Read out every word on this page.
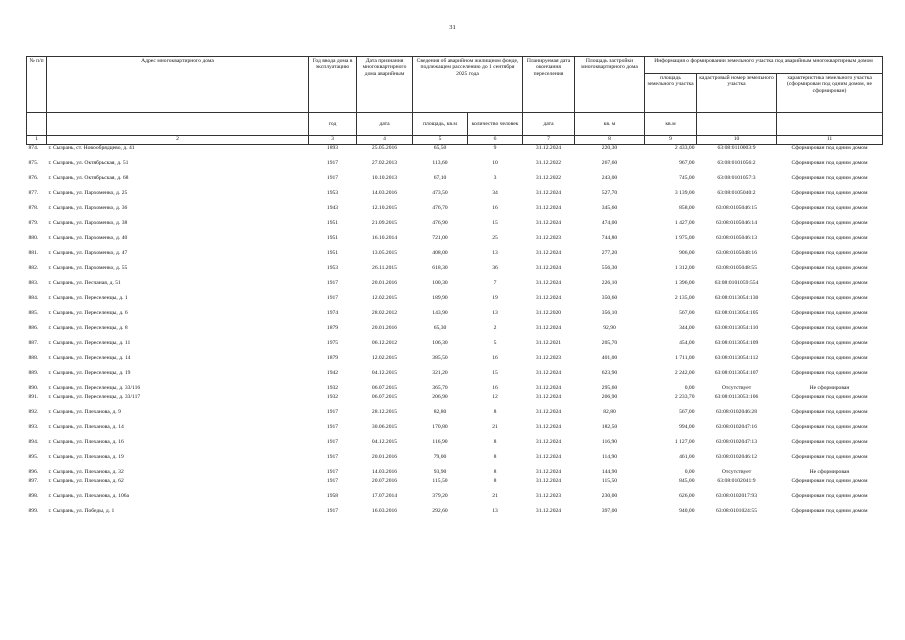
31
№ п/п	Адрес многоквартирного дома	Год ввода дома в эксплуатацию	Дата признания многоквартирного дома аварийным	Сведения об аварийном жилищном фонде, подлежащем расселению до 1 сентября 2025 года		Планируемая дата окончания переселения	Площадь застройки многоквартирного дома	Информация о формировании земельного участка под аварийным многоквартирным домом		
								площадь земельного участка	кадастровый номер земельного участка	характеристика земельного участка (сформирован под одним домом, не сформирован)
		год	дата	площадь, кв.м	количество человек	дата	кв. м	кв.м		
1	2	3	4	5	6	7	8	9	10	11
874.	г. Сызрань, ст. Новообрядцево, д. 41	1893	25.05.2016	65,50	9	31.12.2024	220,30	2 433,00	63:08:0110003:9	Сформирован под одним домом
875.	г. Сызрань, ул. Октябрьская, д. 51	1917	27.02.2013	113,60	10	31.12.2022	267,60	967,00	63:08:0101056:2	Сформирован под одним домом
876.	г. Сызрань, ул. Октябрьская, д. 68	1917	10.10.2013	67,10	3	31.12.2022	243,00	745,00	63:08:0101057:3	Сформирован под одним домом
877.	г. Сызрань, ул. Пархоменко, д. 25	1953	14.03.2016	473,50	34	31.12.2024	527,70	3 139,00	63:08:0105040:2	Сформирован под одним домом
878.	г. Сызрань, ул. Пархоменко, д. 36	1943	12.10.2015	476,70	16	31.12.2024	345,60	858,00	63:08:0105046:15	Сформирован под одним домом
879.	г. Сызрань, ул. Пархоменко, д. 38	1951	21.09.2015	476,90	15	31.12.2024	474,00	1 427,00	63:08:0105046:14	Сформирован под одним домом
880.	г. Сызрань, ул. Пархоменко, д. 40	1951	16.10.2014	721,00	25	31.12.2023	744,80	1 975,00	63:08:0105046:13	Сформирован под одним домом
881.	г. Сызрань, ул. Пархоменко, д. 47	1951	13.05.2015	408,00	13	31.12.2024	277,20	906,00	63:08:0105048:16	Сформирован под одним домом
882.	г. Сызрань, ул. Пархоменко, д. 55	1953	26.11.2015	618,30	36	31.12.2024	556,30	1 312,00	63:08:0105048:55	Сформирован под одним домом
883.	г. Сызрань, ул. Песчаная, д. 51	1917	20.01.2016	100,30	7	31.12.2024	226,10	1 396,00	63:08:0101059:554	Сформирован под одним домом
884.	г. Сызрань, ул. Переселенцы, д. 1	1917	12.02.2015	189,90	19	31.12.2024	350,60	2 135,00	63:08:0113054:130	Сформирован под одним домом
885.	г. Сызрань, ул. Переселенцы, д. 6	1974	28.02.2012	143,90	13	31.12.2020	356,10	567,00	63:08:0113054:105	Сформирован под одним домом
886.	г. Сызрань, ул. Переселенцы, д. 8	1879	20.01.2016	65,30	2	31.12.2024	92,90	344,00	63:08:0113054:110	Сформирован под одним домом
887.	г. Сызрань, ул. Переселенцы, д. 11	1975	06.12.2012	106,30	5	31.12.2021	205,70	454,00	63:08:0113054:109	Сформирован под одним домом
888.	г. Сызрань, ул. Переселенцы, д. 14	1879	12.02.2015	385,50	16	31.12.2023	401,00	1 711,00	63:08:0113054:112	Сформирован под одним домом
889.	г. Сызрань, ул. Переселенцы, д. 19	1942	04.12.2015	321,20	15	31.12.2024	623,90	2 242,00	63:08:0113054:107	Сформирован под одним домом
890.	г. Сызрань, ул. Переселенцы, д. 33/116	1932	06.07.2015	365,70	16	31.12.2024	295,60	0,00	Отсутствует	Не сформирован
891.	г. Сызрань, ул. Переселенцы, д. 33/117	1932	06.07.2015	206,90	12	31.12.2024	206,90	2 233,70	63:08:0113053:106	Сформирован под одним домом
892.	г. Сызрань, ул. Плеханова, д. 9	1917	28.12.2015	82,80	8	31.12.2024	82,80	567,00	63:08:0102046:28	Сформирован под одним домом
893.	г. Сызрань, ул. Плеханова, д. 14	1917	30.06.2015	170,80	21	31.12.2024	182,50	994,00	63:08:0102047:16	Сформирован под одним домом
894.	г. Сызрань, ул. Плеханова, д. 16	1917	04.12.2015	116,90	8	31.12.2024	116,90	1 127,00	63:08:0102047:13	Сформирован под одним домом
895.	г. Сызрань, ул. Плеханова, д. 19	1917	20.01.2016	79,00	8	31.12.2024	114,90	461,00	63:08:0102046:12	Сформирован под одним домом
896.	г. Сызрань, ул. Плеханова, д. 32	1917	14.03.2016	93,90	8	31.12.2024	144,90	0,00	Отсутствует	Не сформирован
897.	г. Сызрань, ул. Плеханова, д. 62	1917	20.07.2016	115,50	8	31.12.2024	115,50	845,00	63:08:0102041:9	Сформирован под одним домом
898.	г. Сызрань, ул. Плеханова, д. 106а	1958	17.07.2014	379,20	21	31.12.2023	230,00	626,00	63:08:0102017:93	Сформирован под одним домом
899.	г. Сызрань, ул. Победы, д. 1	1917	16.03.2016	292,60	13	31.12.2024	397,00	940,00	63:08:0101024:55	Сформирован под одним домом
